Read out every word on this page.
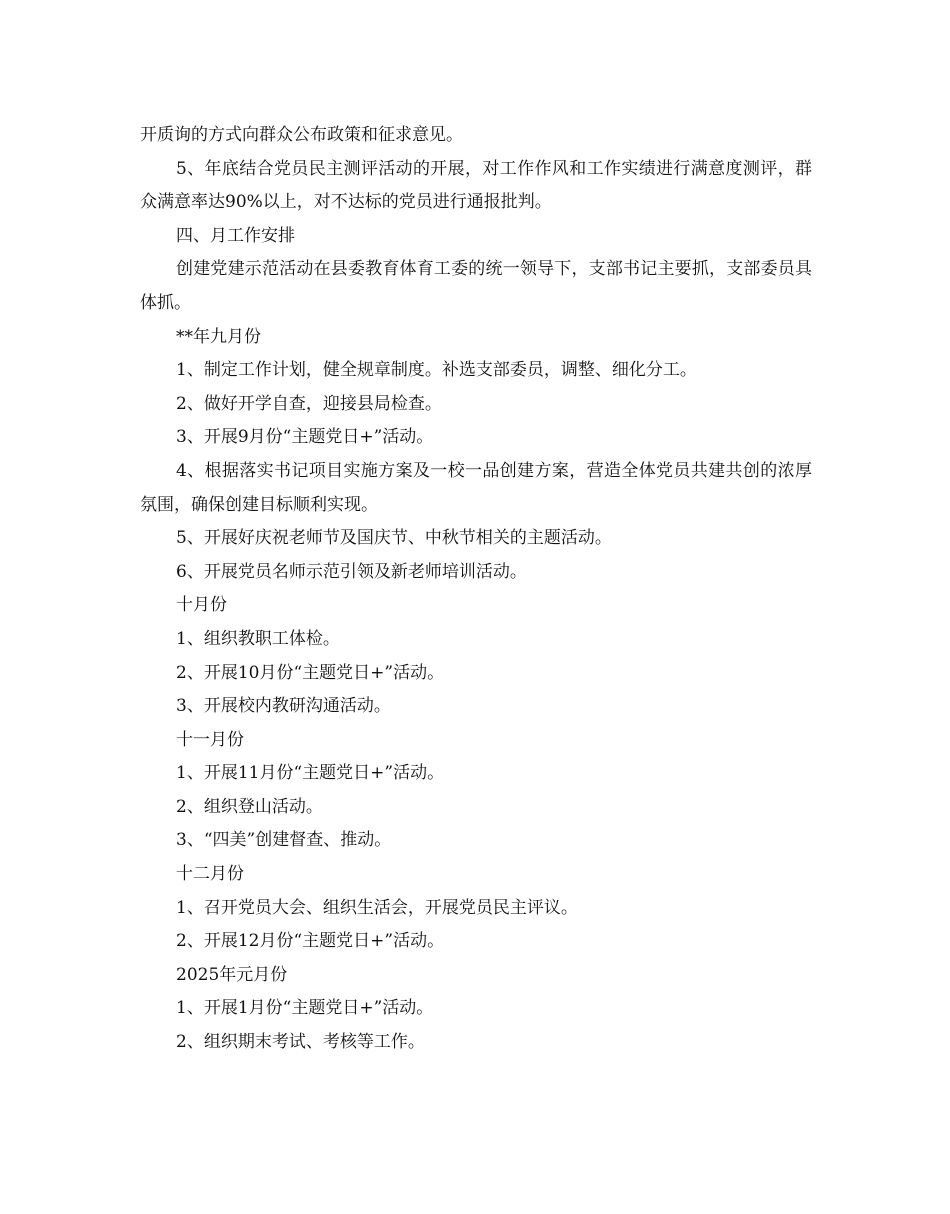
开质询的方式向群众公布政策和征求意见。

5、年底结合党员民主测评活动的开展，对工作作风和工作实绩进行满意度测评，群众满意率达90%以上，对不达标的党员进行通报批判。

四、月工作安排

创建党建示范活动在县委教育体育工委的统一领导下，支部书记主要抓，支部委员具体抓。

**年九月份

1、制定工作计划，健全规章制度。补选支部委员，调整、细化分工。

2、做好开学自查，迎接县局检查。

3、开展9月份“主题党日+”活动。

4、根据落实书记项目实施方案及一校一品创建方案，营造全体党员共建共创的浓厚氛围，确保创建目标顺利实现。

5、开展好庆祝老师节及国庆节、中秋节相关的主题活动。

6、开展党员名师示范引领及新老师培训活动。

十月份

1、组织教职工体检。

2、开展10月份“主题党日+”活动。

3、开展校内教研沟通活动。

十一月份

1、开展11月份“主题党日+”活动。

2、组织登山活动。

3、“四美”创建督查、推动。

十二月份

1、召开党员大会、组织生活会，开展党员民主评议。

2、开展12月份“主题党日+”活动。

2025年元月份

1、开展1月份“主题党日+”活动。

2、组织期末考试、考核等工作。
